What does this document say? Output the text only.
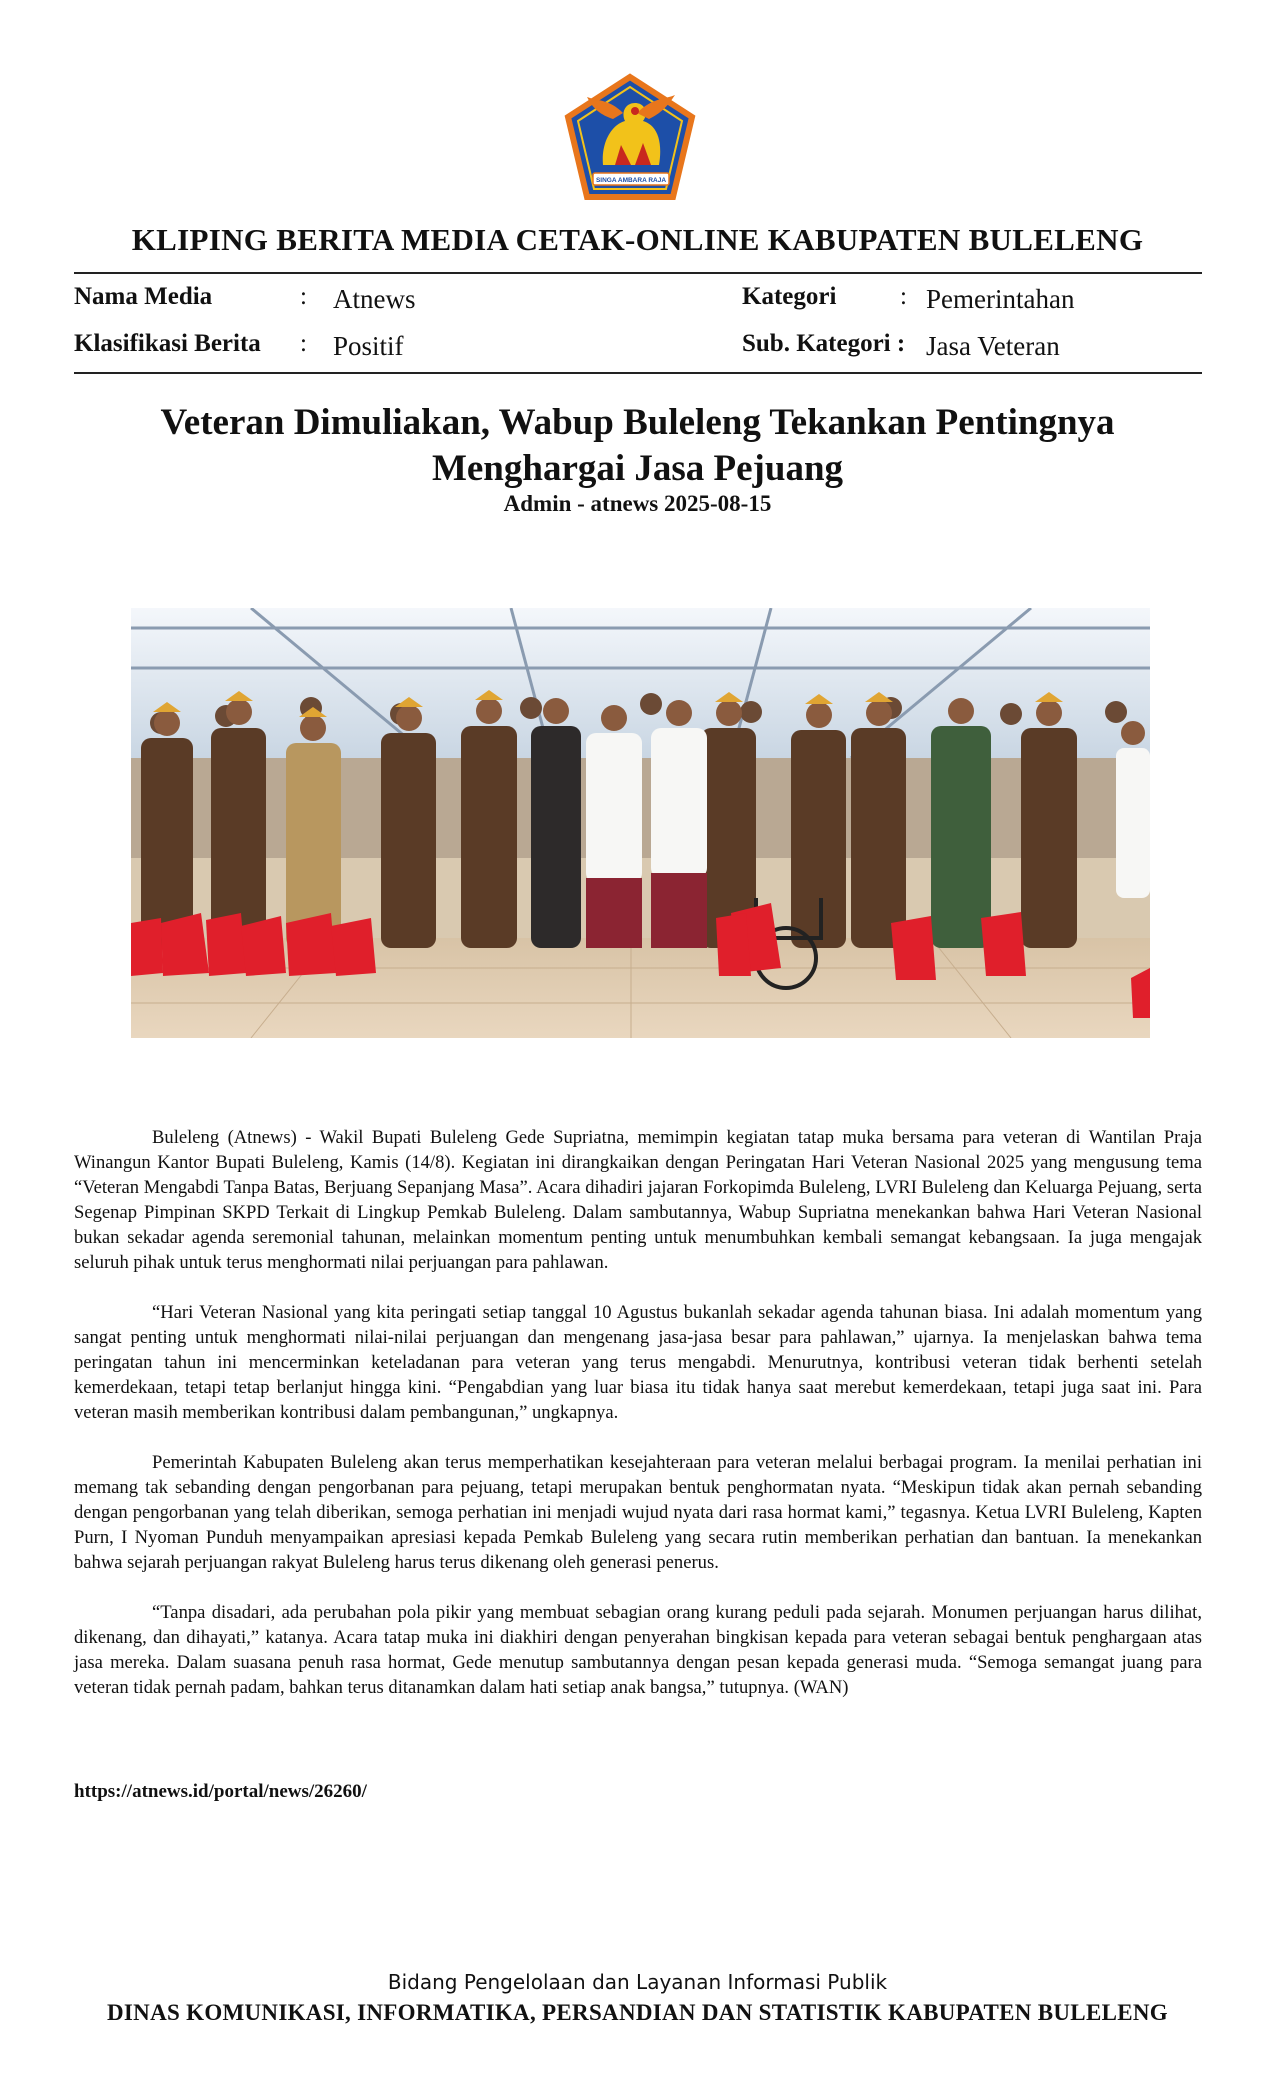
SINGA AMBARA RAJA
KLIPING BERITA MEDIA CETAK-ONLINE KABUPATEN BULELENG
Nama Media	: Atnews
Klasifikasi Berita : Positif
Kategori	: Pemerintahan
Sub. Kategori : Jasa Veteran
Veteran Dimuliakan, Wabup Buleleng Tekankan Pentingnya Menghargai Jasa Pejuang
Admin - atnews 2025-08-15

Buleleng (Atnews) - Wakil Bupati Buleleng Gede Supriatna, memimpin kegiatan tatap muka bersama para veteran di Wantilan Praja Winangun Kantor Bupati Buleleng, Kamis (14/8). Kegiatan ini dirangkaikan dengan Peringatan Hari Veteran Nasional 2025 yang mengusung tema “Veteran Mengabdi Tanpa Batas, Berjuang Sepanjang Masa”. Acara dihadiri jajaran Forkopimda Buleleng, LVRI Buleleng dan Keluarga Pejuang, serta Segenap Pimpinan SKPD Terkait di Lingkup Pemkab Buleleng. Dalam sambutannya, Wabup Supriatna menekankan bahwa Hari Veteran Nasional bukan sekadar agenda seremonial tahunan, melainkan momentum penting untuk menumbuhkan kembali semangat kebangsaan. Ia juga mengajak seluruh pihak untuk terus menghormati nilai perjuangan para pahlawan.

“Hari Veteran Nasional yang kita peringati setiap tanggal 10 Agustus bukanlah sekadar agenda tahunan biasa. Ini adalah momentum yang sangat penting untuk menghormati nilai-nilai perjuangan dan mengenang jasa-jasa besar para pahlawan,” ujarnya. Ia menjelaskan bahwa tema peringatan tahun ini mencerminkan keteladanan para veteran yang terus mengabdi. Menurutnya, kontribusi veteran tidak berhenti setelah kemerdekaan, tetapi tetap berlanjut hingga kini. “Pengabdian yang luar biasa itu tidak hanya saat merebut kemerdekaan, tetapi juga saat ini. Para veteran masih memberikan kontribusi dalam pembangunan,” ungkapnya.

Pemerintah Kabupaten Buleleng akan terus memperhatikan kesejahteraan para veteran melalui berbagai program. Ia menilai perhatian ini memang tak sebanding dengan pengorbanan para pejuang, tetapi merupakan bentuk penghormatan nyata. “Meskipun tidak akan pernah sebanding dengan pengorbanan yang telah diberikan, semoga perhatian ini menjadi wujud nyata dari rasa hormat kami,” tegasnya. Ketua LVRI Buleleng, Kapten Purn, I Nyoman Punduh menyampaikan apresiasi kepada Pemkab Buleleng yang secara rutin memberikan perhatian dan bantuan. Ia menekankan bahwa sejarah perjuangan rakyat Buleleng harus terus dikenang oleh generasi penerus.

“Tanpa disadari, ada perubahan pola pikir yang membuat sebagian orang kurang peduli pada sejarah. Monumen perjuangan harus dilihat, dikenang, dan dihayati,” katanya. Acara tatap muka ini diakhiri dengan penyerahan bingkisan kepada para veteran sebagai bentuk penghargaan atas jasa mereka. Dalam suasana penuh rasa hormat, Gede menutup sambutannya dengan pesan kepada generasi muda. “Semoga semangat juang para veteran tidak pernah padam, bahkan terus ditanamkan dalam hati setiap anak bangsa,” tutupnya. (WAN)

https://atnews.id/portal/news/26260/
Bidang Pengelolaan dan Layanan Informasi Publik
DINAS KOMUNIKASI, INFORMATIKA, PERSANDIAN DAN STATISTIK KABUPATEN BULELENG
